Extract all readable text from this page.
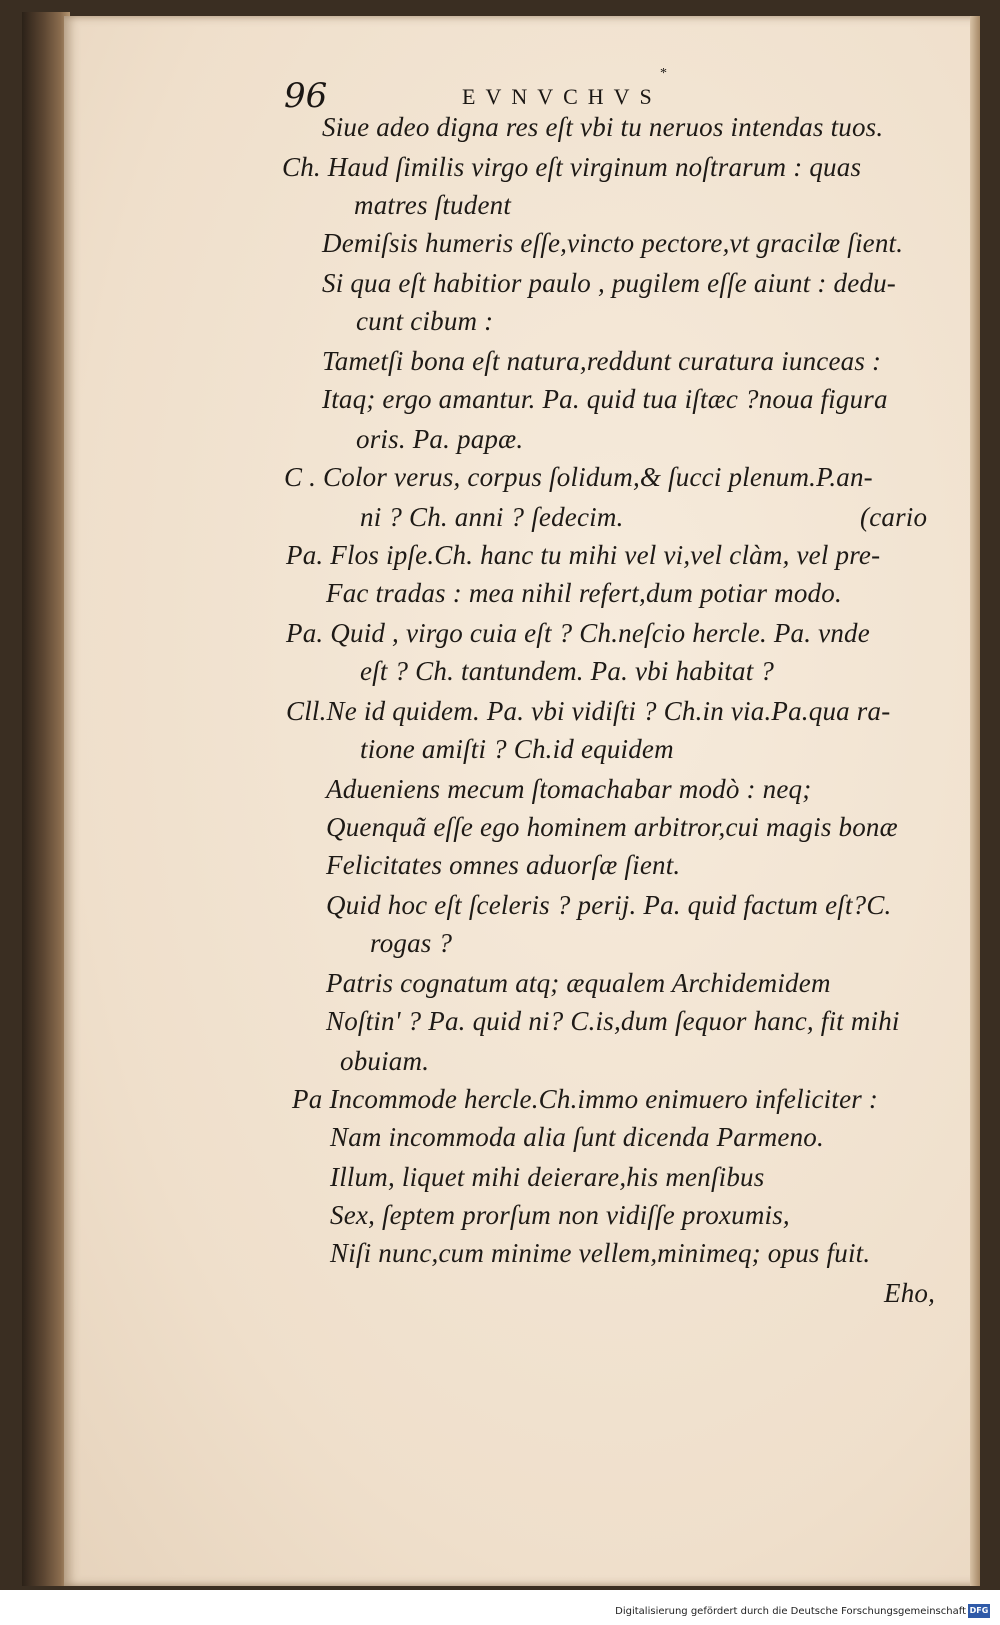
96	EVNVCHVS
*
Siue adeo digna res eſt vbi tu neruos intendas tuos.
Ch. Haud ſimilis virgo eſt virginum noſtrarum : quas
matres ſtudent
Demiſsis humeris eſſe,vincto pectore,vt gracilæ ſient.
Si qua eſt habitior paulo , pugilem eſſe aiunt : dedu-
cunt cibum :
Tametſi bona eſt natura,reddunt curatura iunceas :
Itaq; ergo amantur. Pa. quid tua iſtæc ?noua figura
oris. Pa. papæ.
C . Color verus, corpus ſolidum,& ſucci plenum.P.an-
ni ? Ch. anni ? ſedecim.	(cario
Pa. Flos ipſe.Ch. hanc tu mihi vel vi,vel clàm, vel pre-
Fac tradas : mea nihil refert,dum potiar modo.
Pa. Quid , virgo cuia eſt ? Ch.neſcio hercle. Pa. vnde
eſt ? Ch. tantundem. Pa. vbi habitat ?
Cll.Ne id quidem. Pa. vbi vidiſti ? Ch.in via.Pa.qua ra-
tione amiſti ? Ch.id equidem
Adueniens mecum ſtomachabar modò : neq;
Quenquã eſſe ego hominem arbitror,cui magis bonæ
Felicitates omnes aduorſæ ſient.
Quid hoc eſt ſceleris ? perij. Pa. quid factum eſt?C.
rogas ?
Patris cognatum atq; æqualem Archidemidem
Noſtin' ? Pa. quid ni? C.is,dum ſequor hanc, fit mihi
obuiam.
Pa Incommode hercle.Ch.immo enimuero infeliciter :
Nam incommoda alia ſunt dicenda Parmeno.
Illum, liquet mihi deierare,his menſibus
Sex, ſeptem prorſum non vidiſſe proxumis,
Niſi nunc,cum minime vellem,minimeq; opus fuit.
Eho,
Digitalisierung gefördert durch die Deutsche Forschungsgemeinschaft DFG
